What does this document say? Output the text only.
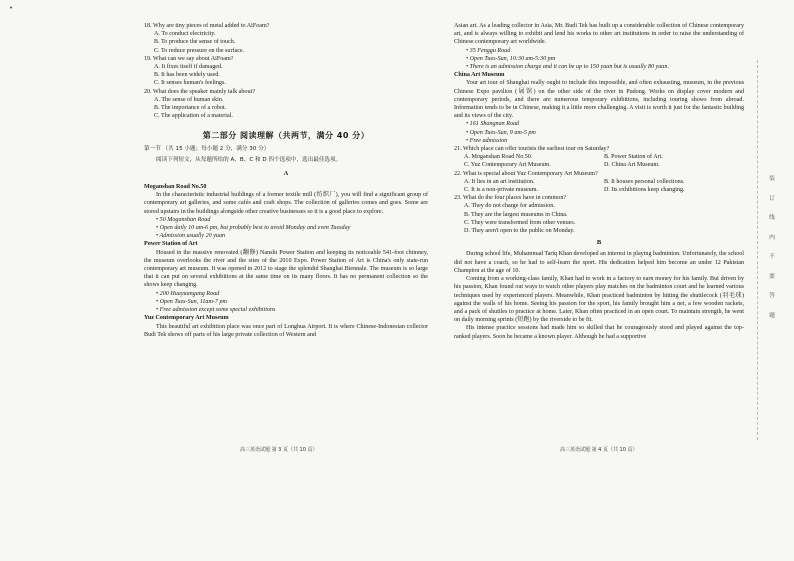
•

18. Why are tiny pieces of metal added to AiFoam?

A. To conduct electricity.

B. To produce the sense of touch.

C. To reduce pressure on the surface.

19. What can we say about AiFoam?

A. It fixes itself if damaged.

B. It has been widely used.

C. It senses human's feelings.

20. What does the speaker mainly talk about?

A. The sense of human skin.

B. The importance of a robot.

C. The application of a material.

第二部分 阅读理解（共两节，满分 40 分）

第一节 （共 15 小题；每小题 2 分，满分 30 分）

阅读下列短文，从每题所给的 A、B、C 和 D 四个选项中，选出最佳选项。

A

Moganshan Road No.50

In the characteristic industrial buildings of a former textile mill (纺织厂), you will find a significant group of contemporary art galleries, and some cafés and craft shops. The collection of galleries comes and goes. Some are stored upstairs in the buildings alongside other creative businesses so it is a good place to explore.

• 50 Moganshan Road

• Open daily 10 am-6 pm, but probably best to avoid Monday and even Tuesday

• Admission usually 20 yuan

Power Station of Art

Housed in the massive renovated (翻修) Nanshi Power Station and keeping its noticeable 541-foot chimney, the museum overlooks the river and the sites of the 2010 Expo. Power Station of Art is China's only state-run contemporary art museum. It was opened in 2012 to stage the splendid Shanghai Biennale. The museum is so large that it can put on several exhibitions at the same time on its many floors. It has no permanent collection so the shows keep changing.

• 200 Huayuangang Road

• Open Tues-Sun, 11am-7 pm

• Free admission except some special exhibitions

Yuz Contemporary Art Museum

This beautiful art exhibition place was once part of Longhua Airport. It is where Chinese-Indonesian collector Budi Tek shows off parts of his large private collection of Western and

高三英语试题 第 3 页（共 10 页）

Asian art. As a leading collector in Asia, Mr. Budi Tek has built up a considerable collection of Chinese contemporary art, and is always willing to exhibit and lend his works to other art institutions in order to raise the understanding of Chinese contemporary art worldwide.

• 35 Fenggu Road

• Open Tues-Sun, 10:30 am-5:30 pm

• There is an admission charge and it can be up to 150 yuan but is usually 80 yuan.

China Art Museum

Your art tour of Shanghai really ought to include this impossible, and often exhausting, museum, in the previous Chinese Expo pavilion (展馆) on the other side of the river in Pudong. Works on display cover modern and contemporary periods, and there are numerous temporary exhibitions, including touring shows from abroad. Information tends to be in Chinese, making it a little more challenging. A visit is worth it just for the fantastic building and its views of the city.

• 161 Shangnan Road

• Open Tues-Sun, 9 am-5 pm

• Free admission

21. Which place can offer tourists the earliest tour on Saturday?

A. Moganshan Road No.50.	B. Power Station of Art.
C. Yuz Contemporary Art Museum.	D. China Art Museum.

22. What is special about Yuz Contemporary Art Museum?

A. It lies in an art institution.	B. It houses personal collections.
C. It is a non-private museum.	D. Its exhibitions keep changing.

23. What do the four places have in common?

A. They do not charge for admission.

B. They are the largest museums in China.

C. They were transformed from other venues.

D. They aren't open to the public on Monday.

B

During school life, Muhammad Tariq Khan developed an interest in playing badminton. Unfortunately, the school did not have a coach, so he had to self-learn the sport. His dedication helped him become an under 12 Pakistan Champion at the age of 10.

Coming from a working-class family, Khan had to work in a factory to earn money for his family. But driven by his passion, Khan found out ways to watch other players play matches on the badminton court and he learned various techniques used by experienced players. Meanwhile, Khan practiced badminton by hitting the shuttlecock (羽毛球) against the walls of his home. Seeing his passion for the sport, his family brought him a net, a few wooden rackets, and a pack of shuttles to practice at home. Later, Khan often practiced in an open court. To maintain strength, he went on daily morning sprints (短跑) by the riverside to be fit.

His intense practice sessions had made him so skilled that he courageously stood and played against the top-ranked players. Soon he became a known player. Although he had a supportive

高三英语试题 第 4 页（共 10 页）
装
订
线
内
不
要
答
题
